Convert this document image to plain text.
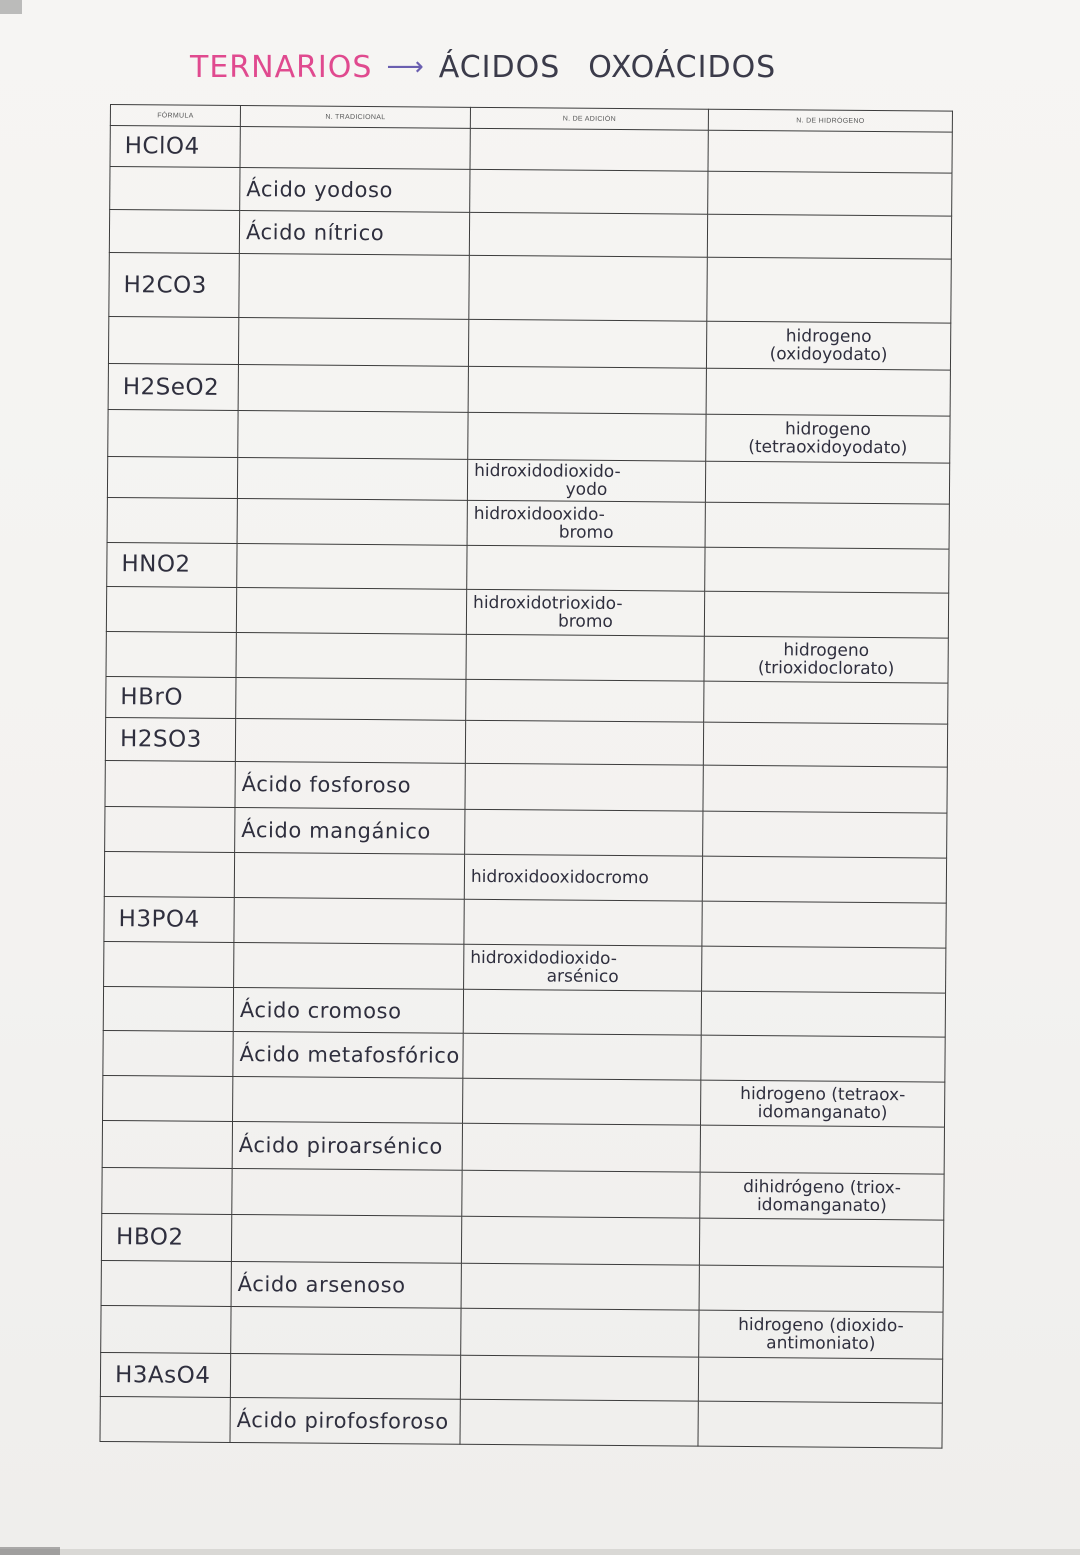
TERNARIOS ⟶ ÁCIDOS OXOÁCIDOS
FÓRMULA	N. TRADICIONAL	N. DE ADICIÓN	N. DE HIDRÓGENO
HClO4		

	Ácido yodoso	

	Ácido nítrico	

H2CO3		

			hidrogeno
(oxidoyodato)

H2SeO2		

			hidrogeno
(tetraoxidoyodato)

		hidroxidodioxido-
yodo	

		hidroxidooxido-
bromo	

HNO2		

		hidroxidotrioxido-
bromo	

			hidrogeno
(trioxidoclorato)

HBrO		

H2SO3		

	Ácido fosforoso	

	Ácido mangánico	

		hidroxidooxidocromo	

H3PO4		

		hidroxidodioxido-
arsénico	

	Ácido cromoso	

	Ácido metafosfórico	

			hidrogeno (tetraox-
idomanganato)

	Ácido piroarsénico	

			dihidrógeno (triox-
idomanganato)

HBO2		

	Ácido arsenoso	

			hidrogeno (dioxido-
antimoniato)

H3AsO4		

	Ácido pirofosforoso	
